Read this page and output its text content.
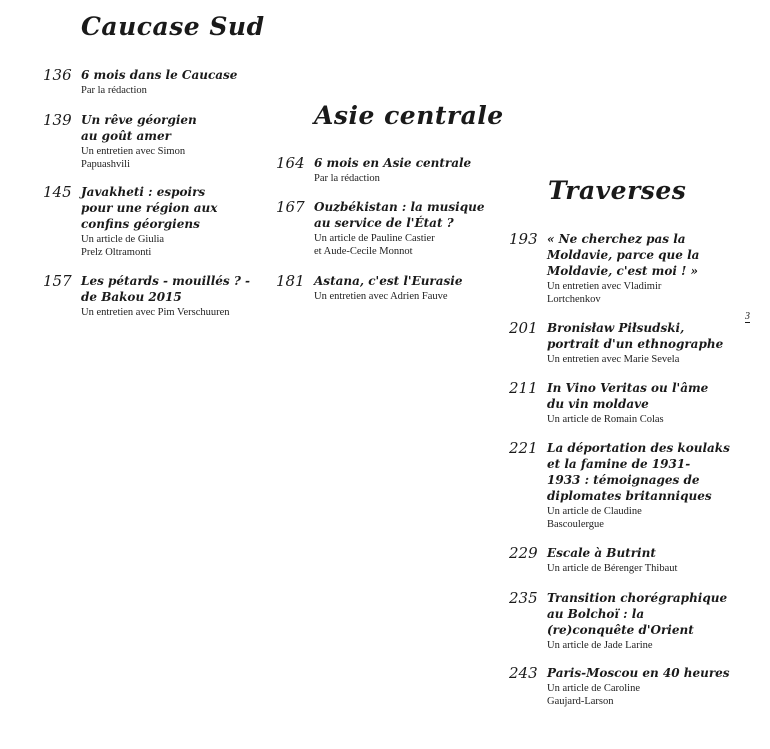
Caucase Sud
Asie centrale
Traverses
136 6 mois dans le Caucase
Par la rédaction
139 Un rêve géorgien
au goût amer
Un entretien avec Simon
Papuashvili
145 Javakheti : espoirs
pour une région aux
confins géorgiens
Un article de Giulia
Prelz Oltramonti
157 Les pétards - mouillés ? -
de Bakou 2015
Un entretien avec Pim Verschuuren
164 6 mois en Asie centrale
Par la rédaction
167 Ouzbékistan : la musique
au service de l'État ?
Un article de Pauline Castier
et Aude-Cecile Monnot
181 Astana, c'est l'Eurasie
Un entretien avec Adrien Fauve
193 « Ne cherchez pas la
Moldavie, parce que la
Moldavie, c'est moi ! »
Un entretien avec Vladimir
Lortchenkov
201 Bronisław Piłsudski,
portrait d'un ethnographe
Un entretien avec Marie Sevela
211 In Vino Veritas ou l'âme
du vin moldave
Un article de Romain Colas
221 La déportation des koulaks
et la famine de 1931-
1933 : témoignages de
diplomates britanniques
Un article de Claudine
Bascoulergue
229 Escale à Butrint
Un article de Bérenger Thibaut
235 Transition chorégraphique
au Bolchoï : la
(re)conquête d'Orient
Un article de Jade Larine
243 Paris-Moscou en 40 heures
Un article de Caroline
Gaujard-Larson
3
